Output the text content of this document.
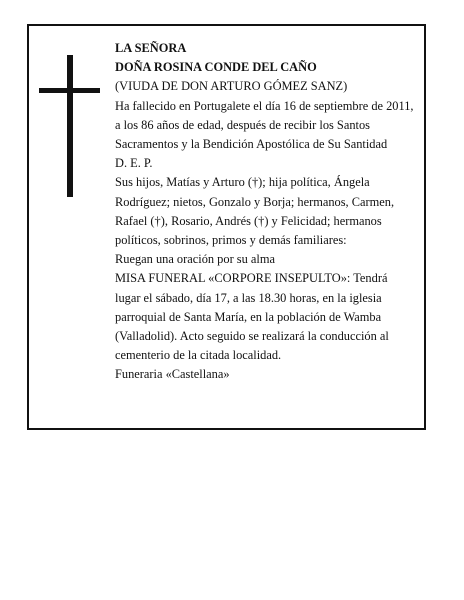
LA SEÑORA
DOÑA ROSINA CONDE DEL CAÑO
(VIUDA DE DON ARTURO GÓMEZ SANZ)
Ha fallecido en Portugalete el día 16 de septiembre de 2011, a los 86 años de edad, después de recibir los Santos Sacramentos y la Bendición Apostólica de Su Santidad
D. E. P.
Sus hijos, Matías y Arturo (†); hija política, Ángela Rodríguez; nietos, Gonzalo y Borja; hermanos, Carmen, Rafael (†), Rosario, Andrés (†) y Felicidad; hermanos políticos, sobrinos, primos y demás familiares:
Ruegan una oración por su alma
MISA FUNERAL «CORPORE INSEPULTO»: Tendrá lugar el sábado, día 17, a las 18.30 horas, en la iglesia parroquial de Santa María, en la población de Wamba (Valladolid). Acto seguido se realizará la conducción al cementerio de la citada localidad.
Funeraria «Castellana»
